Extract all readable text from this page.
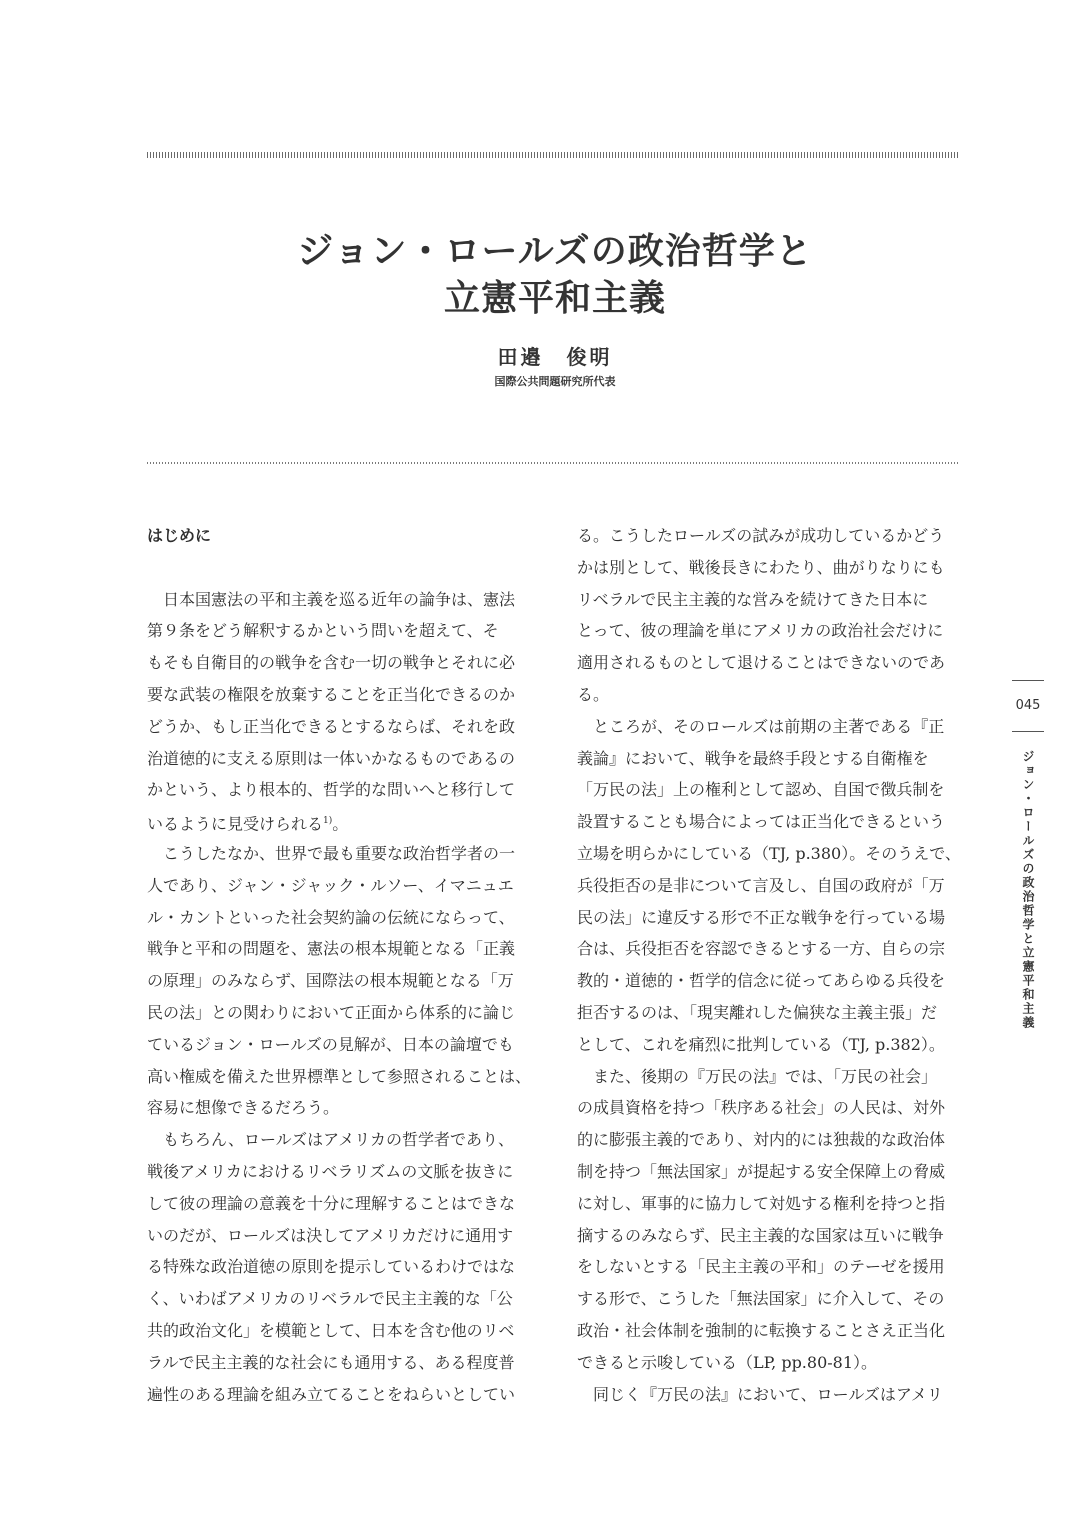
ジョン・ロールズの政治哲学と
立憲平和主義
田邉　俊明
国際公共問題研究所代表
はじめに
　日本国憲法の平和主義を巡る近年の論争は、憲法
第９条をどう解釈するかという問いを超えて、そ
もそも自衛目的の戦争を含む一切の戦争とそれに必
要な武装の権限を放棄することを正当化できるのか
どうか、もし正当化できるとするならば、それを政
治道徳的に支える原則は一体いかなるものであるの
かという、より根本的、哲学的な問いへと移行して
いるように見受けられる$^{1)}$。
　こうしたなか、世界で最も重要な政治哲学者の一
人であり、ジャン・ジャック・ルソー、イマニュエ
ル・カントといった社会契約論の伝統にならって、
戦争と平和の問題を、憲法の根本規範となる「正義
の原理」のみならず、国際法の根本規範となる「万
民の法」との関わりにおいて正面から体系的に論じ
ているジョン・ロールズの見解が、日本の論壇でも
高い権威を備えた世界標準として参照されることは、
容易に想像できるだろう。
　もちろん、ロールズはアメリカの哲学者であり、
戦後アメリカにおけるリベラリズムの文脈を抜きに
して彼の理論の意義を十分に理解することはできな
いのだが、ロールズは決してアメリカだけに通用す
る特殊な政治道徳の原則を提示しているわけではな
く、いわばアメリカのリベラルで民主主義的な「公
共的政治文化」を模範として、日本を含む他のリベ
ラルで民主主義的な社会にも通用する、ある程度普
遍性のある理論を組み立てることをねらいとしてい
る。こうしたロールズの試みが成功しているかどう
かは別として、戦後長きにわたり、曲がりなりにも
リベラルで民主主義的な営みを続けてきた日本に
とって、彼の理論を単にアメリカの政治社会だけに
適用されるものとして退けることはできないのであ
る。
　ところが、そのロールズは前期の主著である『正
義論』において、戦争を最終手段とする自衛権を
「万民の法」上の権利として認め、自国で徴兵制を
設置することも場合によっては正当化できるという
立場を明らかにしている（TJ, p.380）。そのうえで、
兵役拒否の是非について言及し、自国の政府が「万
民の法」に違反する形で不正な戦争を行っている場
合は、兵役拒否を容認できるとする一方、自らの宗
教的・道徳的・哲学的信念に従ってあらゆる兵役を
拒否するのは、「現実離れした偏狭な主義主張」だ
として、これを痛烈に批判している（TJ, p.382）。
　また、後期の『万民の法』では、「万民の社会」
の成員資格を持つ「秩序ある社会」の人民は、対外
的に膨張主義的であり、対内的には独裁的な政治体
制を持つ「無法国家」が提起する安全保障上の脅威
に対し、軍事的に協力して対処する権利を持つと指
摘するのみならず、民主主義的な国家は互いに戦争
をしないとする「民主主義の平和」のテーゼを援用
する形で、こうした「無法国家」に介入して、その
政治・社会体制を強制的に転換することさえ正当化
できると示唆している（LP, pp.80-81）。
　同じく『万民の法』において、ロールズはアメリ
045
ジョン・ロールズの政治哲学と立憲平和主義
